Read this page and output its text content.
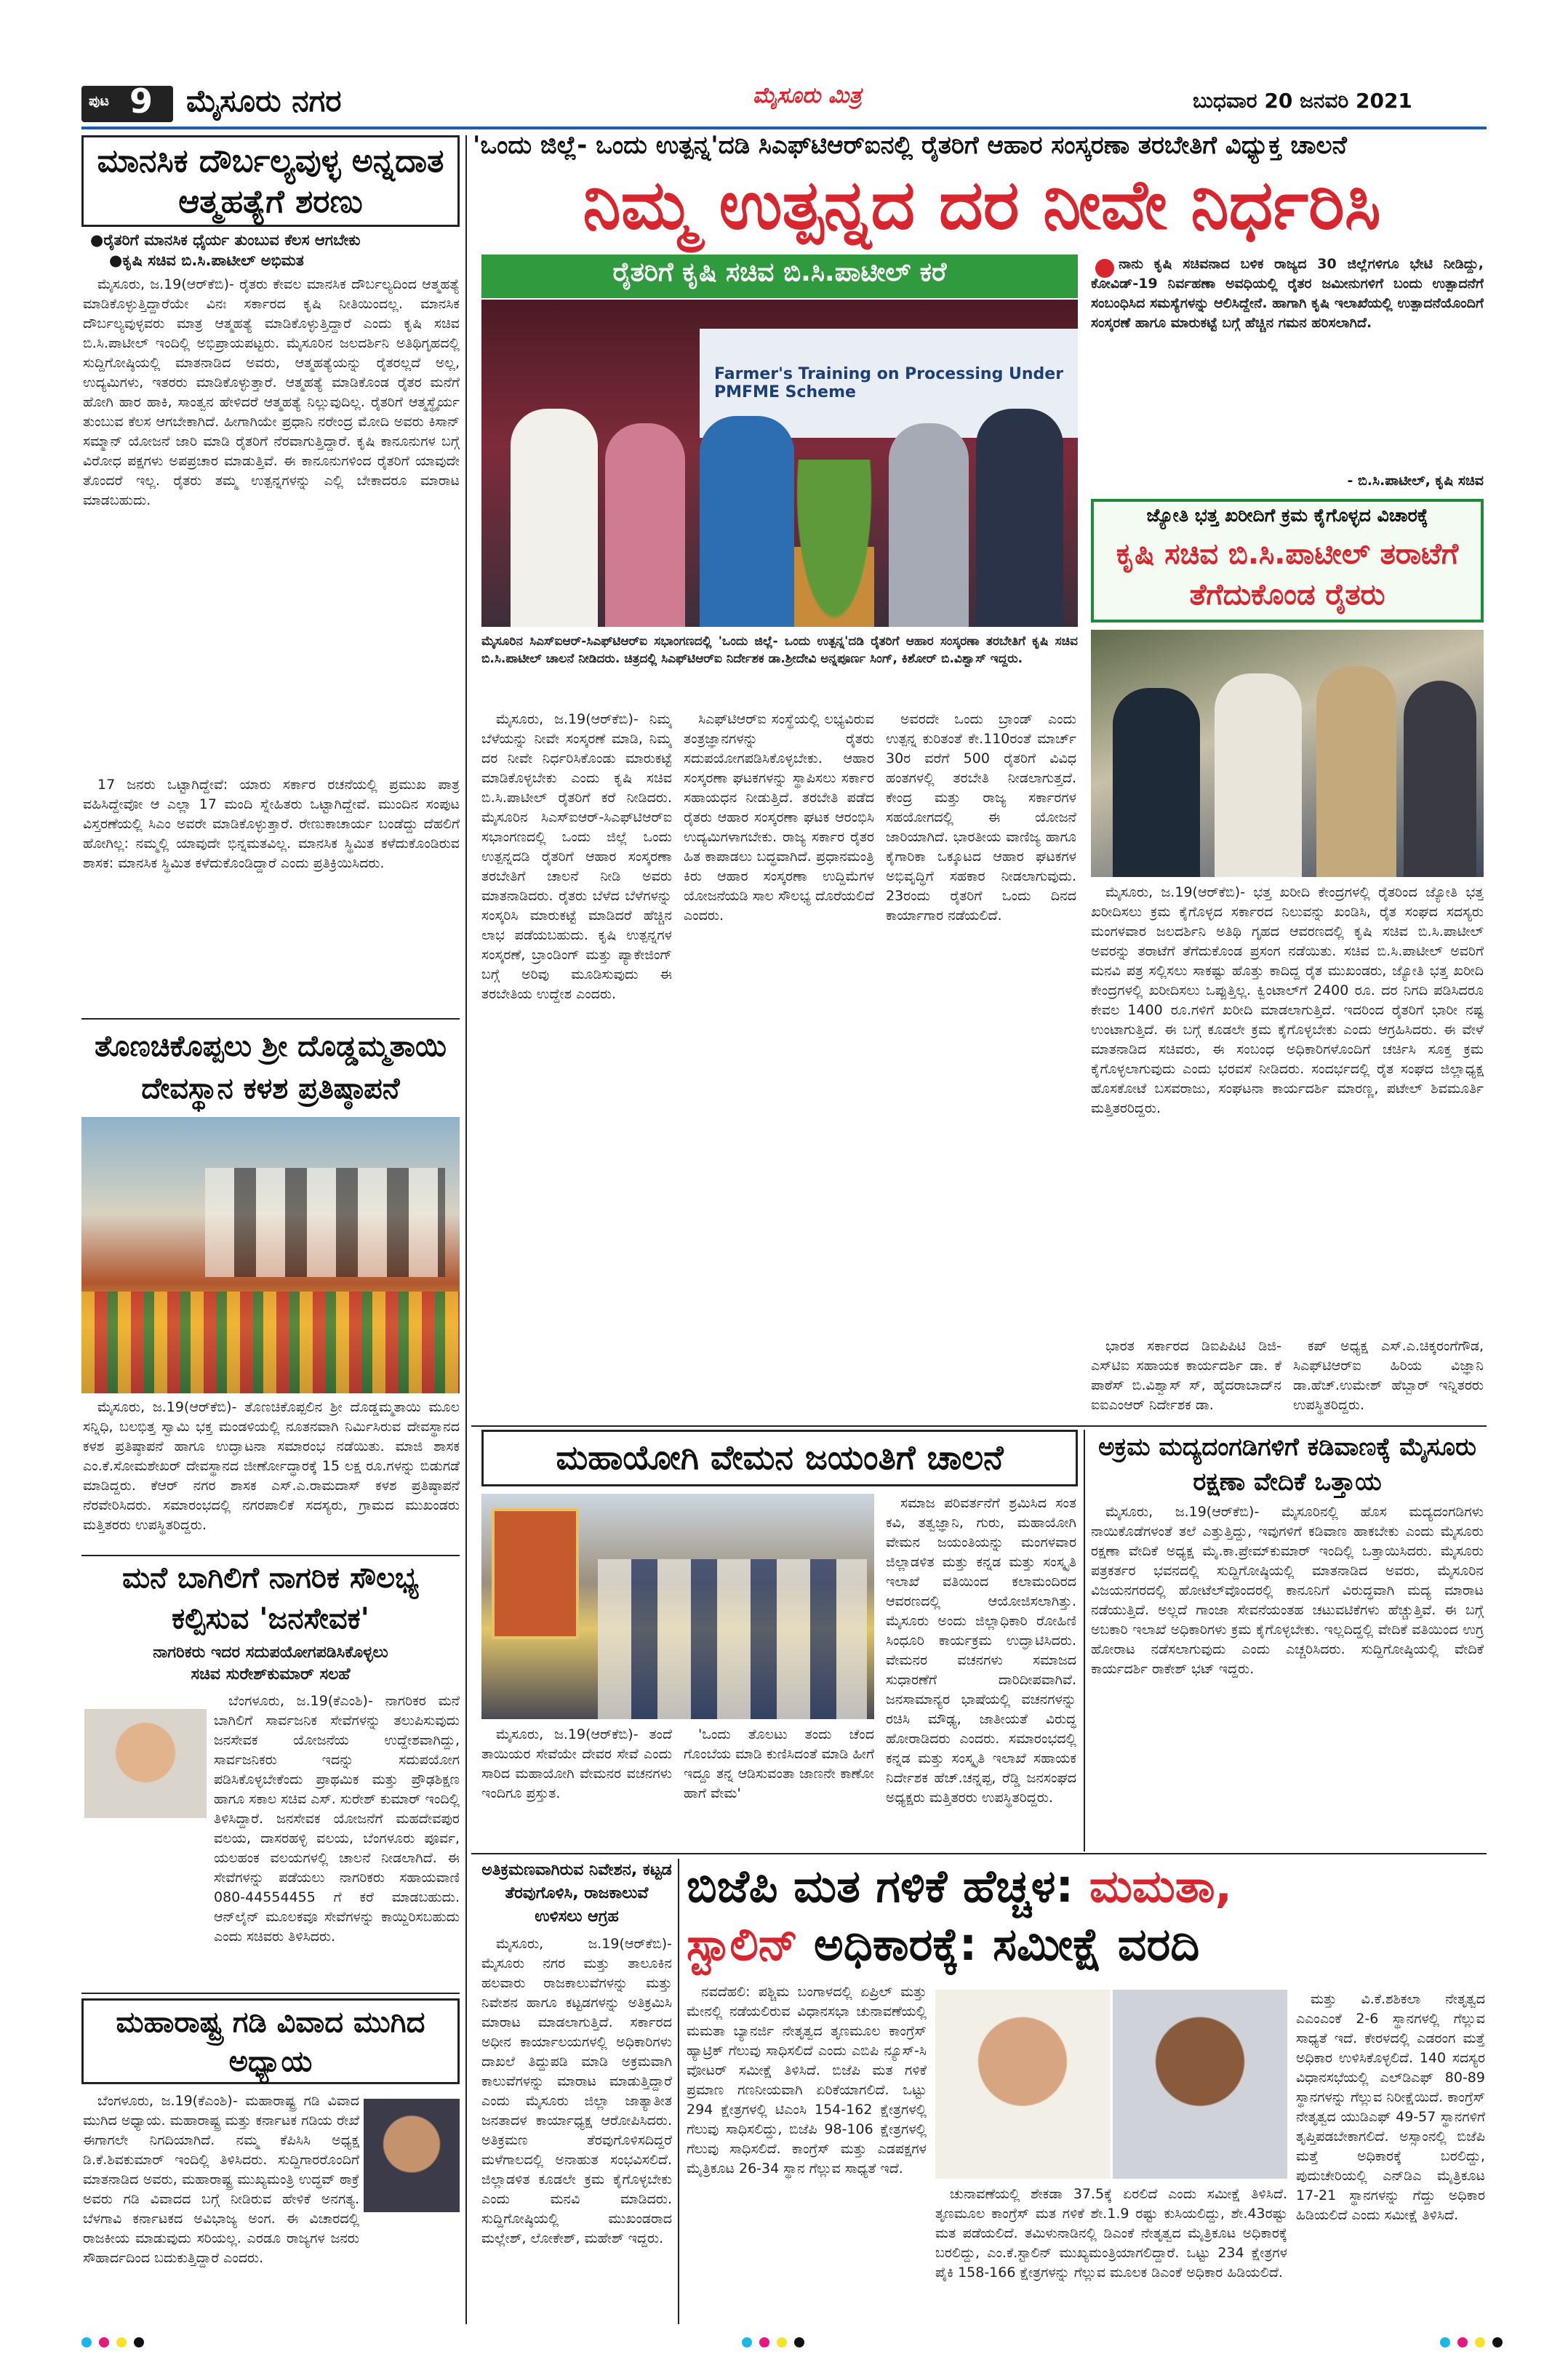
ಪುಟ 9 ಮೈಸೂರು ನಗರ	ಮೈಸೂರು ಮಿತ್ರ	ಬುಧವಾರ 20 ಜನವರಿ 2021
'ಒಂದು ಜಿಲ್ಲೆ- ಒಂದು ಉತ್ಪನ್ನ'ದಡಿ ಸಿಎಫ್‍ಟಿಆರ್‌ಐನಲ್ಲಿ ರೈತರಿಗೆ ಆಹಾರ ಸಂಸ್ಕರಣಾ ತರಬೇತಿಗೆ ವಿಧ್ಯುಕ್ತ ಚಾಲನೆ
ನಿಮ್ಮ ಉತ್ಪನ್ನದ ದರ ನೀವೇ ನಿರ್ಧರಿಸಿ
ಮಾನಸಿಕ ದೌರ್ಬಲ್ಯವುಳ್ಳ ಅನ್ನದಾತ ಆತ್ಮಹತ್ಯೆಗೆ ಶರಣು
●ರೈತರಿಗೆ ಮಾನಸಿಕ ಧೈರ್ಯ ತುಂಬುವ ಕೆಲಸ ಆಗಬೇಕು
●ಕೃಷಿ ಸಚಿವ ಬಿ.ಸಿ.ಪಾಟೀಲ್ ಅಭಿಮತ

ಮೈಸೂರು, ಜ.19(ಆರ್‌ಕೆಬಿ)- ರೈತರು ಕೇವಲ ಮಾನಸಿಕ ದೌರ್ಬಲ್ಯದಿಂದ ಆತ್ಮಹತ್ಯೆ ಮಾಡಿಕೊಳ್ಳುತ್ತಿದ್ದಾರೆಯೇ ವಿನಃ ಸರ್ಕಾರದ ಕೃಷಿ ನೀತಿಯಿಂದಲ್ಲ. ಮಾನಸಿಕ ದೌರ್ಬಲ್ಯವುಳ್ಳವರು ಮಾತ್ರ ಆತ್ಮಹತ್ಯೆ ಮಾಡಿಕೊಳ್ಳುತ್ತಿದ್ದಾರೆ ಎಂದು ಕೃಷಿ ಸಚಿವ ಬಿ.ಸಿ.ಪಾಟೀಲ್ ಇಂದಿಲ್ಲಿ ಅಭಿಪ್ರಾಯಪಟ್ಟರು. ಮೈಸೂರಿನ ಜಲದರ್ಶಿನಿ ಅತಿಥಿಗೃಹದಲ್ಲಿ ಸುದ್ದಿಗೋಷ್ಠಿಯಲ್ಲಿ ಮಾತನಾಡಿದ ಅವರು, ಆತ್ಮಹತ್ಯೆಯನ್ನು ರೈತರಲ್ಲದೆ ಅಲ್ಲ, ಉದ್ಯಮಿಗಳು, ಇತರರು ಮಾಡಿಕೊಳ್ಳುತ್ತಾರೆ. ಆತ್ಮಹತ್ಯೆ ಮಾಡಿಕೊಂಡ ರೈತರ ಮನೆಗೆ ಹೋಗಿ ಹಾರ ಹಾಕಿ, ಸಾಂತ್ವನ ಹೇಳಿದರೆ ಆತ್ಮಹತ್ಯೆ ನಿಲ್ಲುವುದಿಲ್ಲ. ರೈತರಿಗೆ ಆತ್ಮಸ್ಥೈರ್ಯ ತುಂಬುವ ಕೆಲಸ ಆಗಬೇಕಾಗಿದೆ. ಹೀಗಾಗಿಯೇ ಪ್ರಧಾನಿ ನರೇಂದ್ರ ಮೋದಿ ಅವರು ಕಿಸಾನ್ ಸಮ್ಮಾನ್ ಯೋಜನೆ ಜಾರಿ ಮಾಡಿ ರೈತರಿಗೆ ನೆರವಾಗುತ್ತಿದ್ದಾರೆ. ಕೃಷಿ ಕಾನೂನುಗಳ ಬಗ್ಗೆ ವಿರೋಧ ಪಕ್ಷಗಳು ಅಪಪ್ರಚಾರ ಮಾಡುತ್ತಿವೆ. ಈ ಕಾನೂನುಗಳಿಂದ ರೈತರಿಗೆ ಯಾವುದೇ ತೊಂದರೆ ಇಲ್ಲ. ರೈತರು ತಮ್ಮ ಉತ್ಪನ್ನಗಳನ್ನು ಎಲ್ಲಿ ಬೇಕಾದರೂ ಮಾರಾಟ ಮಾಡಬಹುದು.

17 ಜನರು ಒಟ್ಟಾಗಿದ್ದೇವೆ: ಯಾರು ಸರ್ಕಾರ ರಚನೆಯಲ್ಲಿ ಪ್ರಮುಖ ಪಾತ್ರ ವಹಿಸಿದ್ದೇವೋ ಆ ಎಲ್ಲಾ 17 ಮಂದಿ ಸ್ನೇಹಿತರು ಒಟ್ಟಾಗಿದ್ದೇವೆ. ಮುಂದಿನ ಸಂಪುಟ ವಿಸ್ತರಣೆಯಲ್ಲಿ ಸಿಎಂ ಅವರೇ ಮಾಡಿಕೊಳ್ಳುತ್ತಾರೆ. ರೇಣುಕಾಚಾರ್ಯ ಬಂಡೆದ್ದು ದೆಹಲಿಗೆ ಹೋಗಿಲ್ಲ: ನಮ್ಮಲ್ಲಿ ಯಾವುದೇ ಭಿನ್ನಮತವಿಲ್ಲ. ಮಾನಸಿಕ ಸ್ಥಿಮಿತ ಕಳೆದುಕೊಂಡಿರುವ ಶಾಸಕ: ಮಾನಸಿಕ ಸ್ಥಿಮಿತ ಕಳೆದುಕೊಂಡಿದ್ದಾರೆ ಎಂದು ಪ್ರತಿಕ್ರಿಯಿಸಿದರು.

ತೊಣಚಿಕೊಪ್ಪಲು ಶ್ರೀ ದೊಡ್ಡಮ್ಮತಾಯಿ ದೇವಸ್ಥಾನ ಕಳಶ ಪ್ರತಿಷ್ಠಾಪನೆ

ಮೈಸೂರು, ಜ.19(ಆರ್‌ಕೆಬಿ)- ತೊಣಚಿಕೊಪ್ಪಲಿನ ಶ್ರೀ ದೊಡ್ಡಮ್ಮತಾಯಿ ಮೂಲ ಸನ್ನಿಧಿ, ಬಲಭಿತ್ತ ಸ್ವಾಮಿ ಭಕ್ತ ಮಂಡಳಿಯಲ್ಲಿ ನೂತನವಾಗಿ ನಿರ್ಮಿಸಿರುವ ದೇವಸ್ಥಾನದ ಕಳಶ ಪ್ರತಿಷ್ಠಾಪನೆ ಹಾಗೂ ಉದ್ಘಾಟನಾ ಸಮಾರಂಭ ನಡೆಯಿತು. ಮಾಜಿ ಶಾಸಕ ಎಂ.ಕೆ.ಸೋಮಶೇಖರ್ ದೇವಸ್ಥಾನದ ಜೀರ್ಣೋದ್ಧಾರಕ್ಕೆ 15 ಲಕ್ಷ ರೂ.ಗಳನ್ನು ಬಿಡುಗಡೆ ಮಾಡಿದ್ದರು. ಕೆಆರ್ ನಗರ ಶಾಸಕ ಎಸ್.ಎ.ರಾಮದಾಸ್ ಕಳಶ ಪ್ರತಿಷ್ಠಾಪನೆ ನೆರವೇರಿಸಿದರು. ಸಮಾರಂಭದಲ್ಲಿ ನಗರಪಾಲಿಕೆ ಸದಸ್ಯರು, ಗ್ರಾಮದ ಮುಖಂಡರು ಮತ್ತಿತರರು ಉಪಸ್ಥಿತರಿದ್ದರು.

ಮನೆ ಬಾಗಿಲಿಗೆ ನಾಗರಿಕ ಸೌಲಭ್ಯ ಕಲ್ಪಿಸುವ 'ಜನಸೇವಕ'
ನಾಗರಿಕರು ಇದರ ಸದುಪಯೋಗಪಡಿಸಿಕೊಳ್ಳಲು
ಸಚಿವ ಸುರೇಶ್‌ಕುಮಾರ್ ಸಲಹೆ

ಬೆಂಗಳೂರು, ಜ.19(ಕೆಎಂಶಿ)- ನಾಗರಿಕರ ಮನೆ ಬಾಗಿಲಿಗೆ ಸಾರ್ವಜನಿಕ ಸೇವೆಗಳನ್ನು ತಲುಪಿಸುವುದು ಜನಸೇವಕ ಯೋಜನೆಯ ಉದ್ದೇಶವಾಗಿದ್ದು, ಸಾರ್ವಜನಿಕರು ಇದನ್ನು ಸದುಪಯೋಗ ಪಡಿಸಿಕೊಳ್ಳಬೇಕೆಂದು ಪ್ರಾಥಮಿಕ ಮತ್ತು ಪ್ರೌಢಶಿಕ್ಷಣ ಹಾಗೂ ಸಕಾಲ ಸಚಿವ ಎಸ್. ಸುರೇಶ್ ಕುಮಾರ್ ಇಂದಿಲ್ಲಿ ತಿಳಿಸಿದ್ದಾರೆ. ಜನಸೇವಕ ಯೋಜನೆಗೆ ಮಹದೇವಪುರ ವಲಯ, ದಾಸರಹಳ್ಳಿ ವಲಯ, ಬೆಂಗಳೂರು ಪೂರ್ವ, ಯಲಹಂಕ ವಲಯಗಳಲ್ಲಿ ಚಾಲನೆ ನೀಡಲಾಗಿದೆ. ಈ ಸೇವೆಗಳನ್ನು ಪಡೆಯಲು ನಾಗರಿಕರು ಸಹಾಯವಾಣಿ 080-44554455 ಗೆ ಕರೆ ಮಾಡಬಹುದು. ಆನ್‌ಲೈನ್ ಮೂಲಕವೂ ಸೇವೆಗಳನ್ನು ಕಾಯ್ದಿರಿಸಬಹುದು ಎಂದು ಸಚಿವರು ತಿಳಿಸಿದರು.

ಮಹಾರಾಷ್ಟ್ರ ಗಡಿ ವಿವಾದ ಮುಗಿದ ಅಧ್ಯಾಯ

ಬೆಂಗಳೂರು, ಜ.19(ಕೆಎಂಶಿ)- ಮಹಾರಾಷ್ಟ್ರ ಗಡಿ ವಿವಾದ ಮುಗಿದ ಅಧ್ಯಾಯ. ಮಹಾರಾಷ್ಟ್ರ ಮತ್ತು ಕರ್ನಾಟಕ ಗಡಿಯ ರೇಖೆ ಈಗಾಗಲೇ ನಿಗದಿಯಾಗಿದೆ. ನಮ್ಮ ಕೆಪಿಸಿಸಿ ಅಧ್ಯಕ್ಷ ಡಿ.ಕೆ.ಶಿವಕುಮಾರ್ ಇಂದಿಲ್ಲಿ ತಿಳಿಸಿದರು. ಸುದ್ದಿಗಾರರೊಂದಿಗೆ ಮಾತನಾಡಿದ ಅವರು, ಮಹಾರಾಷ್ಟ್ರ ಮುಖ್ಯಮಂತ್ರಿ ಉದ್ಧವ್ ಠಾಕ್ರೆ ಅವರು ಗಡಿ ವಿವಾದದ ಬಗ್ಗೆ ನೀಡಿರುವ ಹೇಳಿಕೆ ಅನಗತ್ಯ. ಬೆಳಗಾವಿ ಕರ್ನಾಟಕದ ಅವಿಭಾಜ್ಯ ಅಂಗ. ಈ ವಿಚಾರದಲ್ಲಿ ರಾಜಕೀಯ ಮಾಡುವುದು ಸರಿಯಲ್ಲ. ಎರಡೂ ರಾಜ್ಯಗಳ ಜನರು ಸೌಹಾರ್ದದಿಂದ ಬದುಕುತ್ತಿದ್ದಾರೆ ಎಂದರು.

ರೈತರಿಗೆ ಕೃಷಿ ಸಚಿವ ಬಿ.ಸಿ.ಪಾಟೀಲ್ ಕರೆ
Farmer's Training on Processing Under PMFME Scheme
ಮೈಸೂರಿನ ಸಿಎಸ್‌ಐಆರ್-ಸಿಎಫ್‍ಟಿಆರ್‌ಐ ಸಭಾಂಗಣದಲ್ಲಿ 'ಒಂದು ಜಿಲ್ಲೆ- ಒಂದು ಉತ್ಪನ್ನ'ದಡಿ ರೈತರಿಗೆ ಆಹಾರ ಸಂಸ್ಕರಣಾ ತರಬೇತಿಗೆ ಕೃಷಿ ಸಚಿವ ಬಿ.ಸಿ.ಪಾಟೀಲ್ ಚಾಲನೆ ನೀಡಿದರು. ಚಿತ್ರದಲ್ಲಿ ಸಿಎಫ್‍ಟಿಆರ್‌ಐ ನಿರ್ದೇಶಕ ಡಾ.ಶ್ರೀದೇವಿ ಅನ್ನಪೂರ್ಣ ಸಿಂಗ್, ಕಿಶೋರ್ ಬಿ.ವಿಶ್ವಾಸ್ ಇದ್ದರು.

ಮೈಸೂರು, ಜ.19(ಆರ್‌ಕೆಬಿ)- ನಿಮ್ಮ ಬೆಳೆಯನ್ನು ನೀವೇ ಸಂಸ್ಕರಣೆ ಮಾಡಿ, ನಿಮ್ಮ ದರ ನೀವೇ ನಿರ್ಧರಿಸಿಕೊಂಡು ಮಾರುಕಟ್ಟೆ ಮಾಡಿಕೊಳ್ಳಬೇಕು ಎಂದು ಕೃಷಿ ಸಚಿವ ಬಿ.ಸಿ.ಪಾಟೀಲ್ ರೈತರಿಗೆ ಕರೆ ನೀಡಿದರು. ಮೈಸೂರಿನ ಸಿಎಸ್‌ಐಆರ್-ಸಿಎಫ್‍ಟಿಆರ್‌ಐ ಸಭಾಂಗಣದಲ್ಲಿ ಒಂದು ಜಿಲ್ಲೆ ಒಂದು ಉತ್ಪನ್ನದಡಿ ರೈತರಿಗೆ ಆಹಾರ ಸಂಸ್ಕರಣಾ ತರಬೇತಿಗೆ ಚಾಲನೆ ನೀಡಿ ಅವರು ಮಾತನಾಡಿದರು. ರೈತರು ಬೆಳೆದ ಬೆಳೆಗಳನ್ನು ಸಂಸ್ಕರಿಸಿ ಮಾರುಕಟ್ಟೆ ಮಾಡಿದರೆ ಹೆಚ್ಚಿನ ಲಾಭ ಪಡೆಯಬಹುದು. ಕೃಷಿ ಉತ್ಪನ್ನಗಳ ಸಂಸ್ಕರಣೆ, ಬ್ರಾಂಡಿಂಗ್ ಮತ್ತು ಪ್ಯಾಕೇಜಿಂಗ್ ಬಗ್ಗೆ ಅರಿವು ಮೂಡಿಸುವುದು ಈ ತರಬೇತಿಯ ಉದ್ದೇಶ ಎಂದರು.

ಸಿಎಫ್‍ಟಿಆರ್‌ಐ ಸಂಸ್ಥೆಯಲ್ಲಿ ಲಭ್ಯವಿರುವ ತಂತ್ರಜ್ಞಾನಗಳನ್ನು ರೈತರು ಸದುಪಯೋಗಪಡಿಸಿಕೊಳ್ಳಬೇಕು. ಆಹಾರ ಸಂಸ್ಕರಣಾ ಘಟಕಗಳನ್ನು ಸ್ಥಾಪಿಸಲು ಸರ್ಕಾರ ಸಹಾಯಧನ ನೀಡುತ್ತಿದೆ. ತರಬೇತಿ ಪಡೆದ ರೈತರು ಆಹಾರ ಸಂಸ್ಕರಣಾ ಘಟಕ ಆರಂಭಿಸಿ ಉದ್ಯಮಿಗಳಾಗಬೇಕು. ರಾಜ್ಯ ಸರ್ಕಾರ ರೈತರ ಹಿತ ಕಾಪಾಡಲು ಬದ್ಧವಾಗಿದೆ. ಪ್ರಧಾನಮಂತ್ರಿ ಕಿರು ಆಹಾರ ಸಂಸ್ಕರಣಾ ಉದ್ದಿಮೆಗಳ ಯೋಜನೆಯಡಿ ಸಾಲ ಸೌಲಭ್ಯ ದೊರೆಯಲಿದೆ ಎಂದರು.

ಅವರದೇ ಒಂದು ಬ್ರಾಂಡ್ ಎಂದು ಉತ್ಪನ್ನ ಕುರಿತಂತೆ ಕೇ.110ರಂತೆ ಮಾರ್ಚ್ 30ರ ವರೆಗೆ 500 ರೈತರಿಗೆ ವಿವಿಧ ಹಂತಗಳಲ್ಲಿ ತರಬೇತಿ ನೀಡಲಾಗುತ್ತದೆ. ಕೇಂದ್ರ ಮತ್ತು ರಾಜ್ಯ ಸರ್ಕಾರಗಳ ಸಹಯೋಗದಲ್ಲಿ ಈ ಯೋಜನೆ ಜಾರಿಯಾಗಿದೆ. ಭಾರತೀಯ ವಾಣಿಜ್ಯ ಹಾಗೂ ಕೈಗಾರಿಕಾ ಒಕ್ಕೂಟದ ಆಹಾರ ಘಟಕಗಳ ಅಭಿವೃದ್ಧಿಗೆ ಸಹಕಾರ ನೀಡಲಾಗುವುದು. 23ರಂದು ರೈತರಿಗೆ ಒಂದು ದಿನದ ಕಾರ್ಯಾಗಾರ ನಡೆಯಲಿದೆ.

ನಾನು ಕೃಷಿ ಸಚಿವನಾದ ಬಳಿಕ ರಾಜ್ಯದ 30 ಜಿಲ್ಲೆಗಳಿಗೂ ಭೇಟಿ ನೀಡಿದ್ದು, ಕೋವಿಡ್-19 ನಿರ್ವಹಣಾ ಅವಧಿಯಲ್ಲಿ ರೈತರ ಜಮೀನುಗಳಿಗೆ ಬಂದು ಉತ್ಪಾದನೆಗೆ ಸಂಬಂಧಿಸಿದ ಸಮಸ್ಯೆಗಳನ್ನು ಆಲಿಸಿದ್ದೇನೆ. ಹಾಗಾಗಿ ಕೃಷಿ ಇಲಾಖೆಯಲ್ಲಿ ಉತ್ಪಾದನೆಯೊಂದಿಗೆ ಸಂಸ್ಕರಣೆ ಹಾಗೂ ಮಾರುಕಟ್ಟೆ ಬಗ್ಗೆ ಹೆಚ್ಚಿನ ಗಮನ ಹರಿಸಲಾಗಿದೆ.

- ಬಿ.ಸಿ.ಪಾಟೀಲ್, ಕೃಷಿ ಸಚಿವ
ಜ್ಯೋತಿ ಭತ್ತ ಖರೀದಿಗೆ ಕ್ರಮ ಕೈಗೊಳ್ಳದ ವಿಚಾರಕ್ಕೆ
ಕೃಷಿ ಸಚಿವ ಬಿ.ಸಿ.ಪಾಟೀಲ್ ತರಾಟೆಗೆ ತೆಗೆದುಕೊಂಡ ರೈತರು

ಮೈಸೂರು, ಜ.19(ಆರ್‌ಕೆಬಿ)- ಭತ್ತ ಖರೀದಿ ಕೇಂದ್ರಗಳಲ್ಲಿ ರೈತರಿಂದ ಜ್ಯೋತಿ ಭತ್ತ ಖರೀದಿಸಲು ಕ್ರಮ ಕೈಗೊಳ್ಳದ ಸರ್ಕಾರದ ನಿಲುವನ್ನು ಖಂಡಿಸಿ, ರೈತ ಸಂಘದ ಸದಸ್ಯರು ಮಂಗಳವಾರ ಜಲದರ್ಶಿನಿ ಅತಿಥಿ ಗೃಹದ ಆವರಣದಲ್ಲಿ ಕೃಷಿ ಸಚಿವ ಬಿ.ಸಿ.ಪಾಟೀಲ್ ಅವರನ್ನು ತರಾಟೆಗೆ ತೆಗೆದುಕೊಂಡ ಪ್ರಸಂಗ ನಡೆಯಿತು. ಸಚಿವ ಬಿ.ಸಿ.ಪಾಟೀಲ್ ಅವರಿಗೆ ಮನವಿ ಪತ್ರ ಸಲ್ಲಿಸಲು ಸಾಕಷ್ಟು ಹೊತ್ತು ಕಾದಿದ್ದ ರೈತ ಮುಖಂಡರು, ಜ್ಯೋತಿ ಭತ್ತ ಖರೀದಿ ಕೇಂದ್ರಗಳಲ್ಲಿ ಖರೀದಿಸಲು ಒಪ್ಪುತ್ತಿಲ್ಲ. ಕ್ವಿಂಟಾಲ್‌ಗೆ 2400 ರೂ. ದರ ನಿಗದಿ ಪಡಿಸಿದರೂ ಕೇವಲ 1400 ರೂ.ಗಳಿಗೆ ಖರೀದಿ ಮಾಡಲಾಗುತ್ತಿದೆ. ಇದರಿಂದ ರೈತರಿಗೆ ಭಾರೀ ನಷ್ಟ ಉಂಟಾಗುತ್ತಿದೆ. ಈ ಬಗ್ಗೆ ಕೂಡಲೇ ಕ್ರಮ ಕೈಗೊಳ್ಳಬೇಕು ಎಂದು ಆಗ್ರಹಿಸಿದರು. ಈ ವೇಳೆ ಮಾತನಾಡಿದ ಸಚಿವರು, ಈ ಸಂಬಂಧ ಅಧಿಕಾರಿಗಳೊಂದಿಗೆ ಚರ್ಚಿಸಿ ಸೂಕ್ತ ಕ್ರಮ ಕೈಗೊಳ್ಳಲಾಗುವುದು ಎಂದು ಭರವಸೆ ನೀಡಿದರು. ಸಂದರ್ಭದಲ್ಲಿ ರೈತ ಸಂಘದ ಜಿಲ್ಲಾಧ್ಯಕ್ಷ ಹೊಸಕೋಟೆ ಬಸವರಾಜು, ಸಂಘಟನಾ ಕಾರ್ಯದರ್ಶಿ ಮಾರಣ್ಣ, ಪಟೇಲ್ ಶಿವಮೂರ್ತಿ ಮತ್ತಿತರರಿದ್ದರು.

ಭಾರತ ಸರ್ಕಾರದ ಡಿಐಪಿಪಿಟಿ ಡಿಜಿ- ಎಸ್‌ಟಿಐ ಸಹಾಯಕ ಕಾರ್ಯದರ್ಶಿ ಡಾ. ಕೆ ಪಾಠೆಸ್ ಬಿ.ವಿಶ್ವಾಸ್ ಸ್, ಹೈದರಾಬಾದ್‌ನ ಐಐಎಂಆರ್ ನಿರ್ದೇಶಕ ಡಾ.

ಕಪ್ ಅಧ್ಯಕ್ಷ ಎಸ್.ಎ.ಚಿಕ್ಕರಂಗೆಗೌಡ, ಸಿಎಫ್‍ಟಿಆರ್‌ಐ ಹಿರಿಯ ವಿಜ್ಞಾನಿ ಡಾ.ಹೆಚ್.ಉಮೇಶ್ ಹೆಬ್ಬಾರ್ ಇನ್ನಿತರರು ಉಪಸ್ಥಿತರಿದ್ದರು.

ಮಹಾಯೋಗಿ ವೇಮನ ಜಯಂತಿಗೆ ಚಾಲನೆ

ಮೈಸೂರು, ಜ.19(ಆರ್‌ಕೆಬಿ)- ತಂದೆ ತಾಯಿಯರ ಸೇವೆಯೇ ದೇವರ ಸೇವೆ ಎಂದು ಸಾರಿದ ಮಹಾಯೋಗಿ ವೇಮನರ ವಚನಗಳು ಇಂದಿಗೂ ಪ್ರಸ್ತುತ.

'ಒಂದು ತೊಲಟು ತಂದು ಚೆಂದ ಗೊಂಬೆಯ ಮಾಡಿ ಕುಣಿಸಿದಂತೆ ಮಾಡಿ ಹೀಗೆ ಇದ್ದೂ ತನ್ನ ಆಡಿಸುವಂತಾ ಜಾಣನೇ ಕಾಣೋ ಹಾಗೆ ವೇಮ'

ಸಮಾಜ ಪರಿವರ್ತನೆಗೆ ಶ್ರಮಿಸಿದ ಸಂತ ಕವಿ, ತತ್ವಜ್ಞಾನಿ, ಗುರು, ಮಹಾಯೋಗಿ ವೇಮನ ಜಯಂತಿಯನ್ನು ಮಂಗಳವಾರ ಜಿಲ್ಲಾಡಳಿತ ಮತ್ತು ಕನ್ನಡ ಮತ್ತು ಸಂಸ್ಕೃತಿ ಇಲಾಖೆ ವತಿಯಿಂದ ಕಲಾಮಂದಿರದ ಆವರಣದಲ್ಲಿ ಆಯೋಜಿಸಲಾಗಿತ್ತು. ಮೈಸೂರು ಅಂದು ಜಿಲ್ಲಾಧಿಕಾರಿ ರೋಹಿಣಿ ಸಿಂಧೂರಿ ಕಾರ್ಯಕ್ರಮ ಉದ್ಘಾಟಿಸಿದರು. ವೇಮನರ ವಚನಗಳು ಸಮಾಜದ ಸುಧಾರಣೆಗೆ ದಾರಿದೀಪವಾಗಿವೆ. ಜನಸಾಮಾನ್ಯರ ಭಾಷೆಯಲ್ಲಿ ವಚನಗಳನ್ನು ರಚಿಸಿ ಮೌಢ್ಯ, ಜಾತೀಯತೆ ವಿರುದ್ಧ ಹೋರಾಡಿದರು ಎಂದರು. ಸಮಾರಂಭದಲ್ಲಿ ಕನ್ನಡ ಮತ್ತು ಸಂಸ್ಕೃತಿ ಇಲಾಖೆ ಸಹಾಯಕ ನಿರ್ದೇಶಕ ಹೆಚ್.ಚನ್ನಪ್ಪ, ರೆಡ್ಡಿ ಜನಸಂಘದ ಅಧ್ಯಕ್ಷರು ಮತ್ತಿತರರು ಉಪಸ್ಥಿತರಿದ್ದರು.

ಅಕ್ರಮ ಮದ್ಯದಂಗಡಿಗಳಿಗೆ ಕಡಿವಾಣಕ್ಕೆ ಮೈಸೂರು ರಕ್ಷಣಾ ವೇದಿಕೆ ಒತ್ತಾಯ

ಮೈಸೂರು, ಜ.19(ಆರ್‌ಕೆಬಿ)- ಮೈಸೂರಿನಲ್ಲಿ ಹೊಸ ಮದ್ಯದಂಗಡಿಗಳು ನಾಯಿಕೊಡೆಗಳಂತೆ ತಲೆ ಎತ್ತುತ್ತಿದ್ದು, ಇವುಗಳಿಗೆ ಕಡಿವಾಣ ಹಾಕಬೇಕು ಎಂದು ಮೈಸೂರು ರಕ್ಷಣಾ ವೇದಿಕೆ ಅಧ್ಯಕ್ಷ ಮೈ.ಕಾ.ಪ್ರೇಮ್‌ಕುಮಾರ್ ಇಂದಿಲ್ಲಿ ಒತ್ತಾಯಿಸಿದರು. ಮೈಸೂರು ಪತ್ರಕರ್ತರ ಭವನದಲ್ಲಿ ಸುದ್ದಿಗೋಷ್ಠಿಯಲ್ಲಿ ಮಾತನಾಡಿದ ಅವರು, ಮೈಸೂರಿನ ವಿಜಯನಗರದಲ್ಲಿ ಹೋಟೆಲ್‌ವೊಂದರಲ್ಲಿ ಕಾನೂನಿಗೆ ವಿರುದ್ಧವಾಗಿ ಮದ್ಯ ಮಾರಾಟ ನಡೆಯುತ್ತಿದೆ. ಅಲ್ಲದೆ ಗಾಂಜಾ ಸೇವನೆಯಂತಹ ಚಟುವಟಿಕೆಗಳು ಹೆಚ್ಚುತ್ತಿವೆ. ಈ ಬಗ್ಗೆ ಅಬಕಾರಿ ಇಲಾಖೆ ಅಧಿಕಾರಿಗಳು ಕ್ರಮ ಕೈಗೊಳ್ಳಬೇಕು. ಇಲ್ಲದಿದ್ದಲ್ಲಿ ವೇದಿಕೆ ವತಿಯಿಂದ ಉಗ್ರ ಹೋರಾಟ ನಡೆಸಲಾಗುವುದು ಎಂದು ಎಚ್ಚರಿಸಿದರು. ಸುದ್ದಿಗೋಷ್ಠಿಯಲ್ಲಿ ವೇದಿಕೆ ಕಾರ್ಯದರ್ಶಿ ರಾಕೇಶ್ ಭಟ್ ಇದ್ದರು.

ಅತಿಕ್ರಮಣವಾಗಿರುವ ನಿವೇಶನ, ಕಟ್ಟಡ ತೆರವುಗೊಳಿಸಿ, ರಾಜಕಾಲುವೆ ಉಳಿಸಲು ಆಗ್ರಹ

ಮೈಸೂರು, ಜ.19(ಆರ್‌ಕೆಬಿ)- ಮೈಸೂರು ನಗರ ಮತ್ತು ತಾಲೂಕಿನ ಹಲವಾರು ರಾಜಕಾಲುವೆಗಳನ್ನು ಮತ್ತು ನಿವೇಶನ ಹಾಗೂ ಕಟ್ಟಡಗಳನ್ನು ಅತಿಕ್ರಮಿಸಿ ಮಾರಾಟ ಮಾಡಲಾಗುತ್ತಿದೆ. ಸರ್ಕಾರದ ಅಧೀನ ಕಾರ್ಯಾಲಯಗಳಲ್ಲಿ ಅಧಿಕಾರಿಗಳು ದಾಖಲೆ ತಿದ್ದುಪಡಿ ಮಾಡಿ ಅಕ್ರಮವಾಗಿ ಕಾಲುವೆಗಳನ್ನು ಮಾರಾಟ ಮಾಡುತ್ತಿದ್ದಾರೆ ಎಂದು ಮೈಸೂರು ಜಿಲ್ಲಾ ಜಾತ್ಯಾತೀತ ಜನತಾದಳ ಕಾರ್ಯಾಧ್ಯಕ್ಷ ಆರೋಪಿಸಿದರು. ಅತಿಕ್ರಮಣ ತೆರವುಗೊಳಿಸದಿದ್ದರೆ ಮಳೆಗಾಲದಲ್ಲಿ ಅನಾಹುತ ಸಂಭವಿಸಲಿದೆ. ಜಿಲ್ಲಾಡಳಿತ ಕೂಡಲೇ ಕ್ರಮ ಕೈಗೊಳ್ಳಬೇಕು ಎಂದು ಮನವಿ ಮಾಡಿದರು. ಸುದ್ದಿಗೋಷ್ಠಿಯಲ್ಲಿ ಮುಖಂಡರಾದ ಮಲ್ಲೇಶ್, ಲೋಕೇಶ್, ಮಹೇಶ್ ಇದ್ದರು.

ಬಿಜೆಪಿ ಮತ ಗಳಿಕೆ ಹೆಚ್ಚಳ: ಮಮತಾ,
ಸ್ಟಾಲಿನ್ ಅಧಿಕಾರಕ್ಕೆ: ಸಮೀಕ್ಷೆ ವರದಿ

ನವದೆಹಲಿ: ಪಶ್ಚಿಮ ಬಂಗಾಳದಲ್ಲಿ ಏಪ್ರಿಲ್ ಮತ್ತು ಮೇನಲ್ಲಿ ನಡೆಯಲಿರುವ ವಿಧಾನಸಭಾ ಚುನಾವಣೆಯಲ್ಲಿ ಮಮತಾ ಬ್ಯಾನರ್ಜಿ ನೇತೃತ್ವದ ತೃಣಮೂಲ ಕಾಂಗ್ರೆಸ್ ಹ್ಯಾಟ್ರಿಕ್ ಗೆಲುವು ಸಾಧಿಸಲಿದೆ ಎಂದು ಎಬಿಪಿ ನ್ಯೂಸ್-ಸಿ ವೋಟರ್ ಸಮೀಕ್ಷೆ ತಿಳಿಸಿದೆ. ಬಿಜೆಪಿ ಮತ ಗಳಿಕೆ ಪ್ರಮಾಣ ಗಣನೀಯವಾಗಿ ಏರಿಕೆಯಾಗಲಿದೆ. ಒಟ್ಟು 294 ಕ್ಷೇತ್ರಗಳಲ್ಲಿ ಟಿಎಂಸಿ 154-162 ಕ್ಷೇತ್ರಗಳಲ್ಲಿ ಗೆಲುವು ಸಾಧಿಸಲಿದ್ದು, ಬಿಜೆಪಿ 98-106 ಕ್ಷೇತ್ರಗಳಲ್ಲಿ ಗೆಲುವು ಸಾಧಿಸಲಿದೆ. ಕಾಂಗ್ರೆಸ್ ಮತ್ತು ಎಡಪಕ್ಷಗಳ ಮೈತ್ರಿಕೂಟ 26-34 ಸ್ಥಾನ ಗೆಲ್ಲುವ ಸಾಧ್ಯತೆ ಇದೆ.

ಚುನಾವಣೆಯಲ್ಲಿ ಶೇಕಡಾ 37.5ಕ್ಕೆ ಏರಲಿದೆ ಎಂದು ಸಮೀಕ್ಷೆ ತಿಳಿಸಿದೆ. ತೃಣಮೂಲ ಕಾಂಗ್ರೆಸ್ ಮತ ಗಳಿಕೆ ಶೇ.1.9 ರಷ್ಟು ಕುಸಿಯಲಿದ್ದು, ಶೇ.43ರಷ್ಟು ಮತ ಪಡೆಯಲಿದೆ. ತಮಿಳುನಾಡಿನಲ್ಲಿ ಡಿಎಂಕೆ ನೇತೃತ್ವದ ಮೈತ್ರಿಕೂಟ ಅಧಿಕಾರಕ್ಕೆ ಬರಲಿದ್ದು, ಎಂ.ಕೆ.ಸ್ಟಾಲಿನ್ ಮುಖ್ಯಮಂತ್ರಿಯಾಗಲಿದ್ದಾರೆ. ಒಟ್ಟು 234 ಕ್ಷೇತ್ರಗಳ ಪೈಕಿ 158-166 ಕ್ಷೇತ್ರಗಳನ್ನು ಗೆಲ್ಲುವ ಮೂಲಕ ಡಿಎಂಕೆ ಅಧಿಕಾರ ಹಿಡಿಯಲಿದೆ.

ಮತ್ತು ವಿ.ಕೆ.ಶಶಿಕಲಾ ನೇತೃತ್ವದ ಎಎಂಎಂಕೆ 2-6 ಸ್ಥಾನಗಳಲ್ಲಿ ಗೆಲ್ಲುವ ಸಾಧ್ಯತೆ ಇದೆ. ಕೇರಳದಲ್ಲಿ ಎಡರಂಗ ಮತ್ತೆ ಅಧಿಕಾರ ಉಳಿಸಿಕೊಳ್ಳಲಿದೆ. 140 ಸದಸ್ಯರ ವಿಧಾನಸಭೆಯಲ್ಲಿ ಎಲ್‌ಡಿಎಫ್ 80-89 ಸ್ಥಾನಗಳನ್ನು ಗೆಲ್ಲುವ ನಿರೀಕ್ಷೆಯಿದೆ. ಕಾಂಗ್ರೆಸ್ ನೇತೃತ್ವದ ಯುಡಿಎಫ್ 49-57 ಸ್ಥಾನಗಳಿಗೆ ತೃಪ್ತಿಪಡಬೇಕಾಗಲಿದೆ. ಅಸ್ಸಾಂನಲ್ಲಿ ಬಿಜೆಪಿ ಮತ್ತೆ ಅಧಿಕಾರಕ್ಕೆ ಬರಲಿದ್ದು, ಪುದುಚೇರಿಯಲ್ಲಿ ಎನ್‌ಡಿಎ ಮೈತ್ರಿಕೂಟ 17-21 ಸ್ಥಾನಗಳನ್ನು ಗೆದ್ದು ಅಧಿಕಾರ ಹಿಡಿಯಲಿದೆ ಎಂದು ಸಮೀಕ್ಷೆ ತಿಳಿಸಿದೆ.
